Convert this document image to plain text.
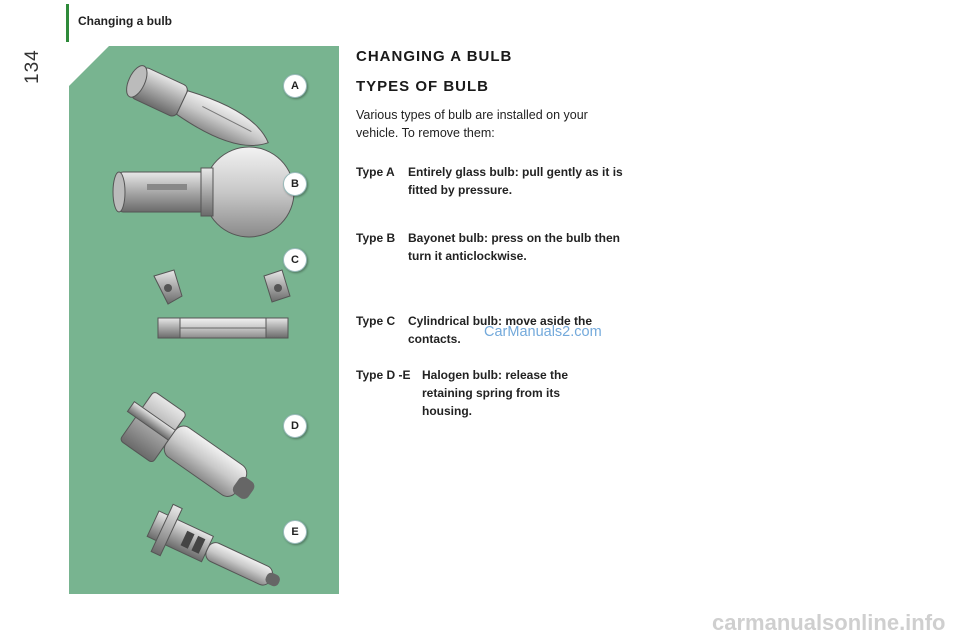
Changing a bulb
134
A
B
C
D
E
CHANGING A BULB
TYPES OF BULB
Various types of bulb are installed on your
vehicle. To remove them:
Type A Entirely glass bulb: pull gently as it is fitted by pressure.
Type B Bayonet bulb: press on the bulb then turn it anticlockwise.
Type C Cylindrical bulb: move aside the contacts.
Type D -E Halogen bulb: release the retaining spring from its housing.
CarManuals2.com
carmanualsonline.info
